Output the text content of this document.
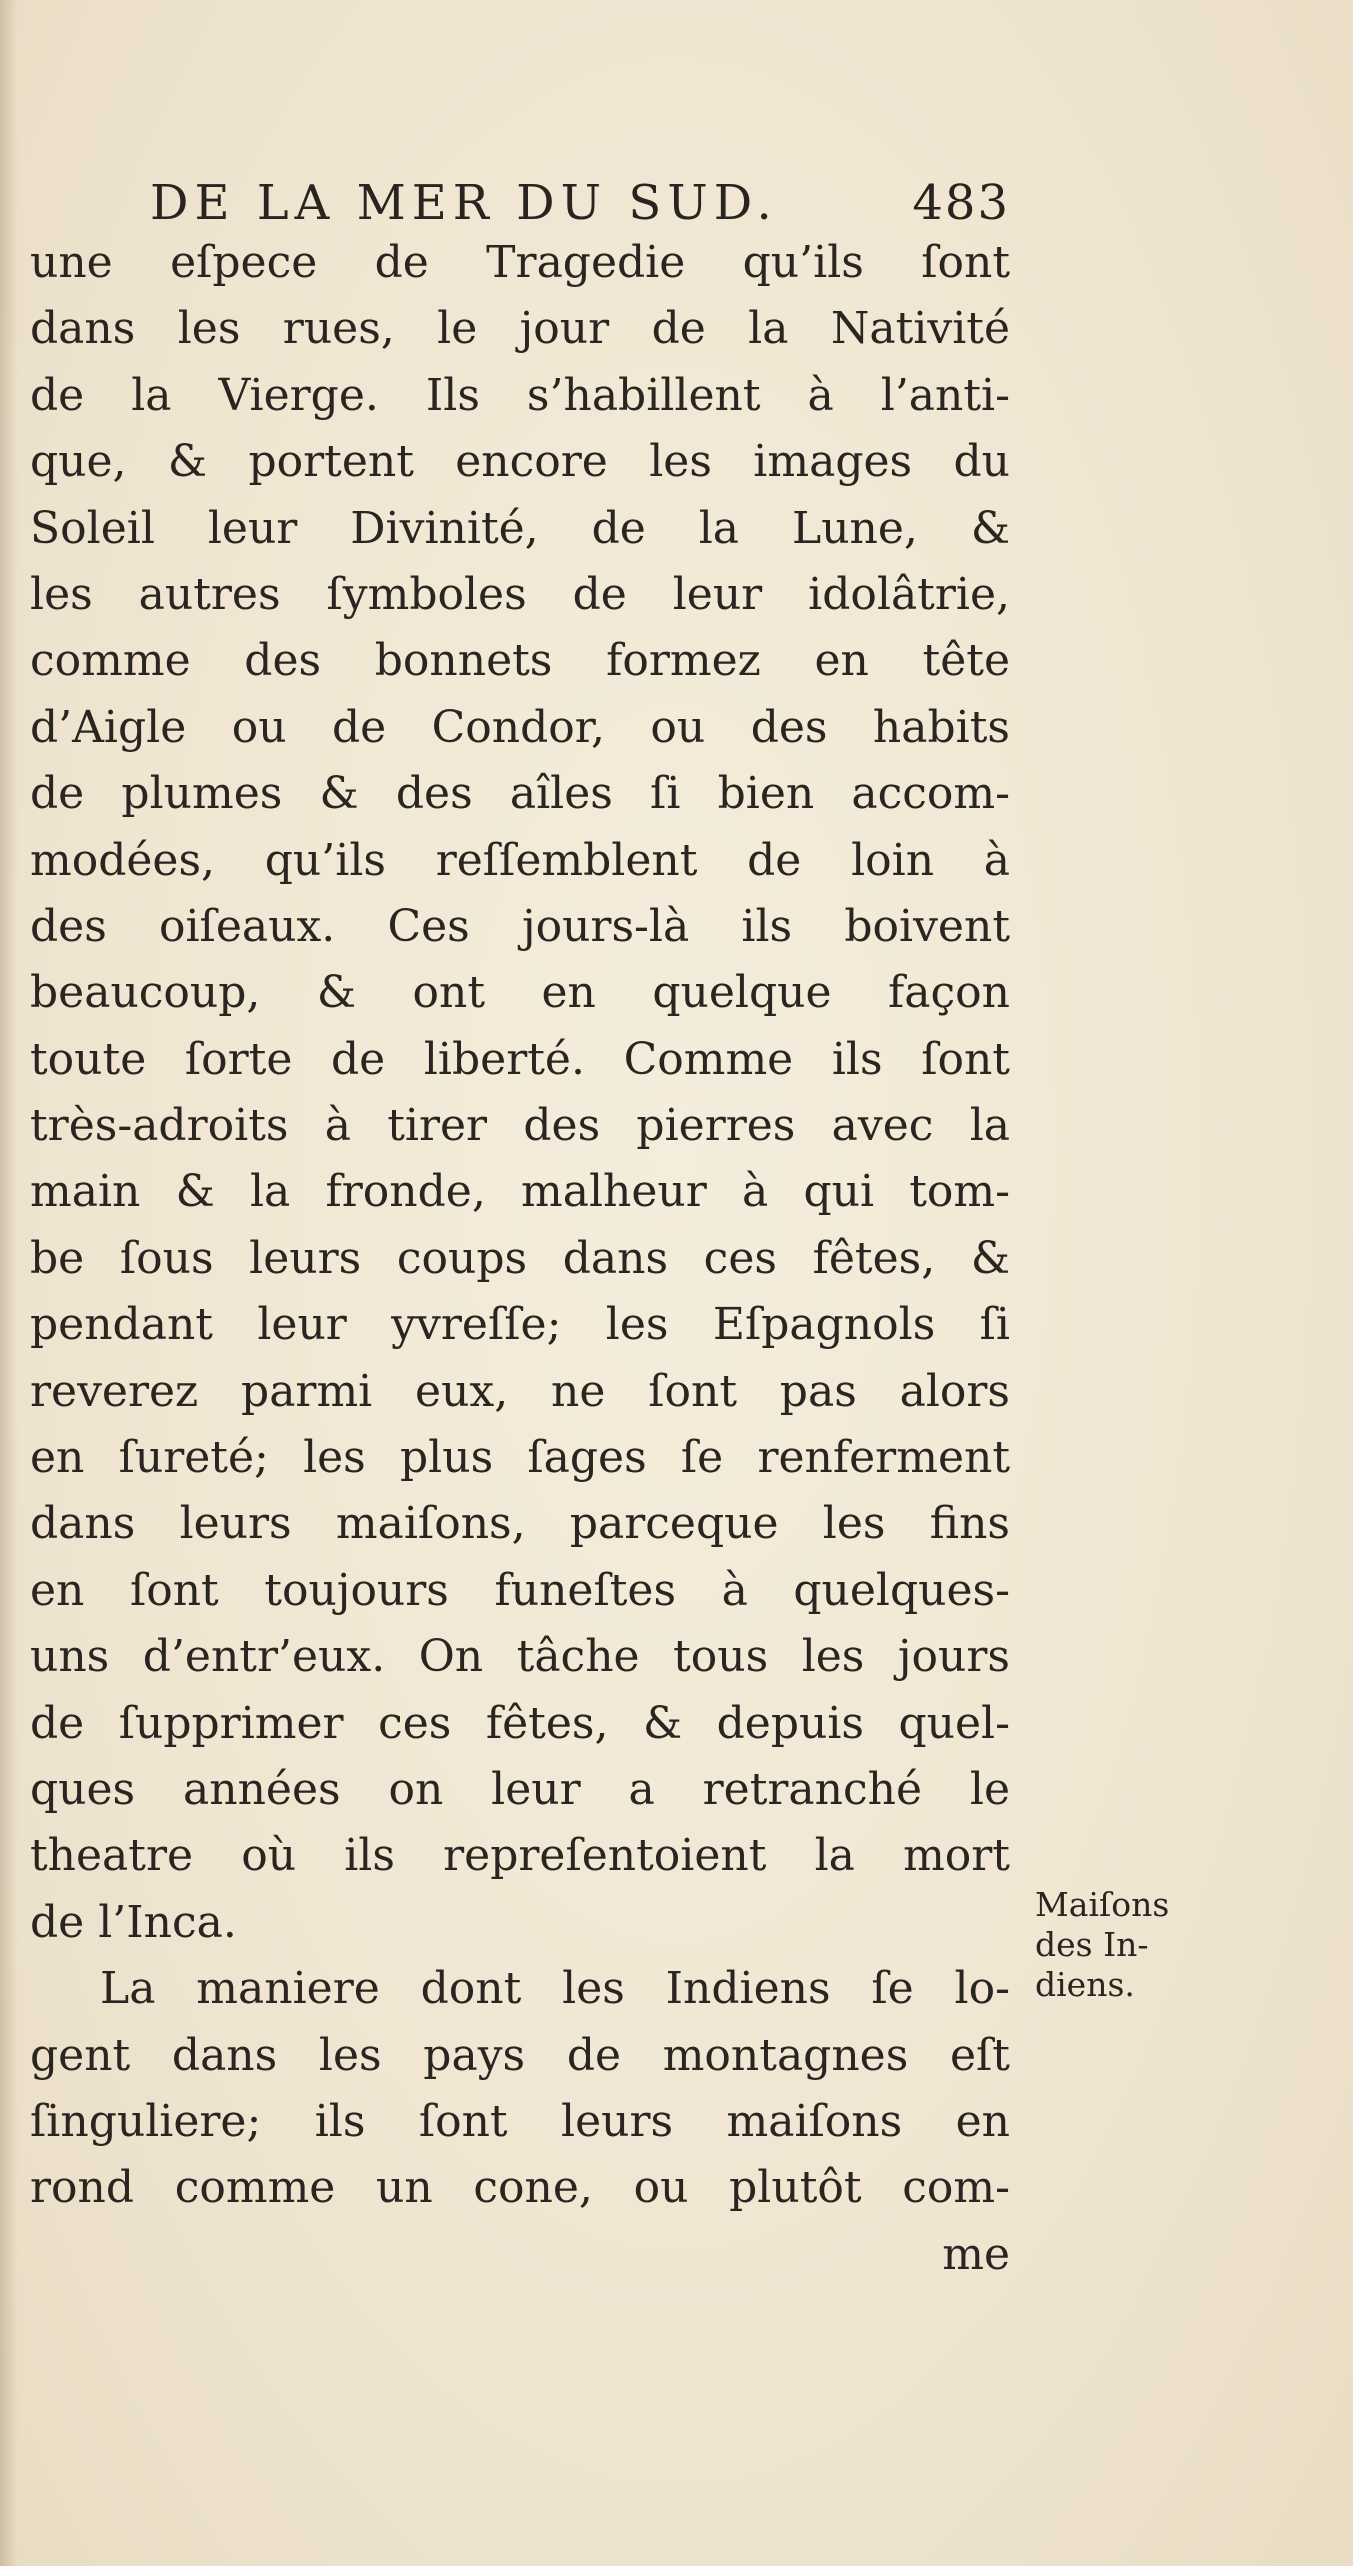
DE LA MER DU SUD.	483
une eſpece de Tragedie qu’ils ſont
dans les rues, le jour de la Nativité
de la Vierge. Ils s’habillent à l’anti-
que, & portent encore les images du
Soleil leur Divinité, de la Lune, &
les autres ſymboles de leur idolâtrie,
comme des bonnets formez en tête
d’Aigle ou de Condor, ou des habits
de plumes & des aîles ſi bien accom-
modées, qu’ils reſſemblent de loin à
des oiſeaux. Ces jours-là ils boivent
beaucoup, & ont en quelque façon
toute ſorte de liberté. Comme ils ſont
très-adroits à tirer des pierres avec la
main & la fronde, malheur à qui tom-
be ſous leurs coups dans ces fêtes, &
pendant leur yvreſſe; les Eſpagnols ſi
reverez parmi eux, ne ſont pas alors
en ſureté; les plus ſages ſe renferment
dans leurs maiſons, parceque les fins
en ſont toujours funeſtes à quelques-
uns d’entr’eux. On tâche tous les jours
de ſupprimer ces fêtes, & depuis quel-
ques années on leur a retranché le
theatre où ils repreſentoient la mort
de l’Inca.
La maniere dont les Indiens ſe lo-
gent dans les pays de montagnes eſt
ſinguliere; ils ſont leurs maiſons en
rond comme un cone, ou plutôt com-
me
Maiſons
des In-
diens.
